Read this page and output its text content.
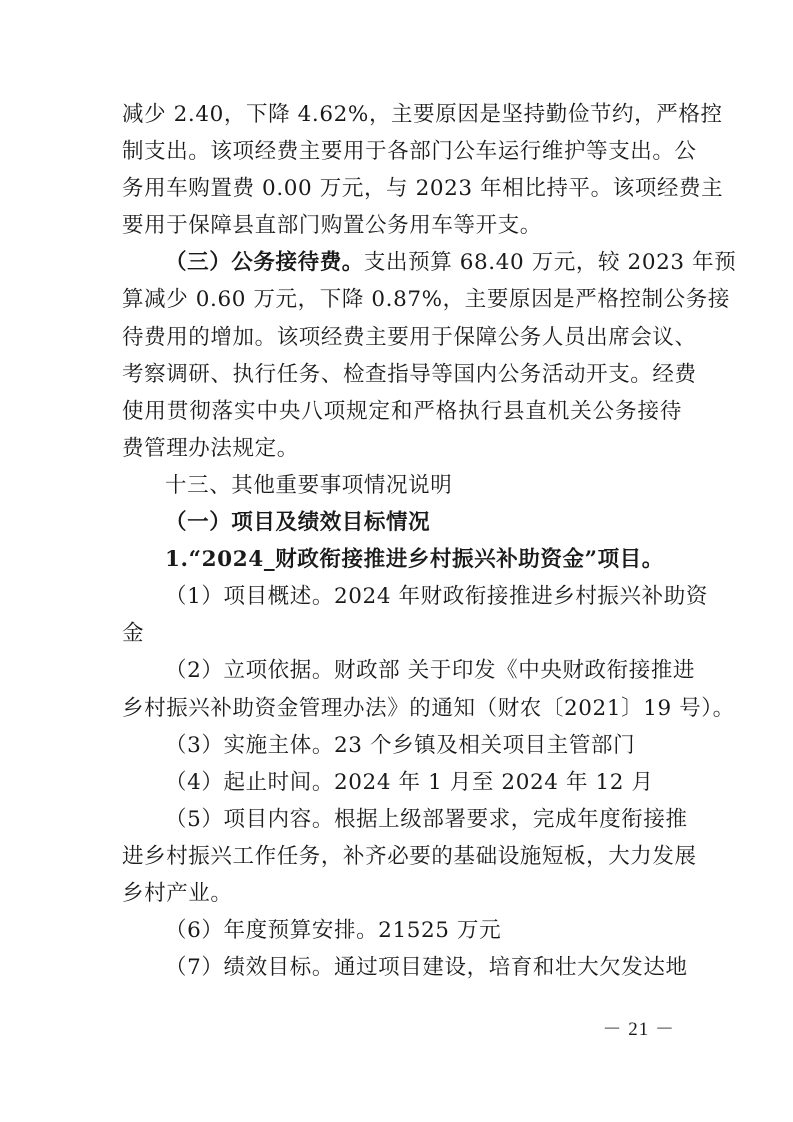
减少 2.40，下降 4.62%，主要原因是坚持勤俭节约，严格控
制支出。该项经费主要用于各部门公车运行维护等支出。公
务用车购置费 0.00 万元，与 2023 年相比持平。该项经费主
要用于保障县直部门购置公务用车等开支。
（三）公务接待费。支出预算 68.40 万元，较 2023 年预
算减少 0.60 万元，下降 0.87%，主要原因是严格控制公务接
待费用的增加。该项经费主要用于保障公务人员出席会议、
考察调研、执行任务、检查指导等国内公务活动开支。经费
使用贯彻落实中央八项规定和严格执行县直机关公务接待
费管理办法规定。
十三、其他重要事项情况说明
（一）项目及绩效目标情况
1.“2024_财政衔接推进乡村振兴补助资金”项目。
（1）项目概述。2024 年财政衔接推进乡村振兴补助资
金
（2）立项依据。财政部 关于印发《中央财政衔接推进
乡村振兴补助资金管理办法》的通知（财农〔2021〕19 号）。
（3）实施主体。23 个乡镇及相关项目主管部门
（4）起止时间。2024 年 1 月至 2024 年 12 月
（5）项目内容。根据上级部署要求，完成年度衔接推
进乡村振兴工作任务，补齐必要的基础设施短板，大力发展
乡村产业。
（6）年度预算安排。21525 万元
（7）绩效目标。通过项目建设，培育和壮大欠发达地
－ 21 －
